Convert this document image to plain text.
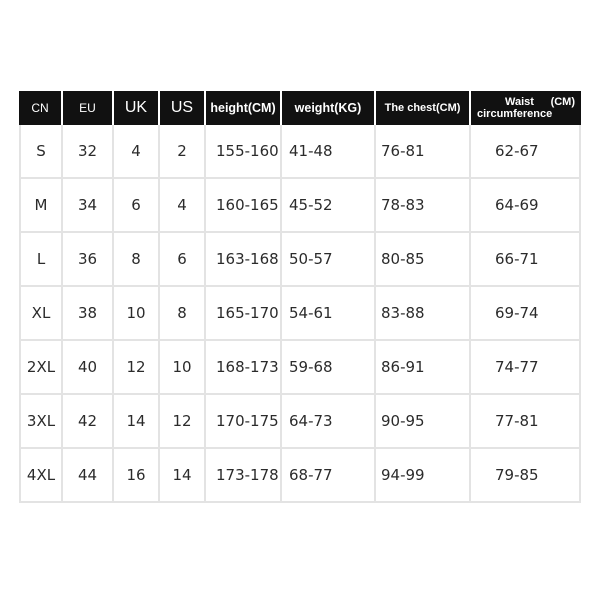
CN	EU	UK	US	height(CM)	weight(KG)	The chest(CM)	Waist (CM)
circumference
S	32	4	2	155-160 41-48	76-81	62-67
M	34	6	4	160-165 45-52	78-83	64-69
L	36	8	6	163-168 50-57	80-85	66-71
XL	38	10	8	165-170 54-61	83-88	69-74
2XL	40	12	10	168-173 59-68	86-91	74-77
3XL	42	14	12	170-175 64-73	90-95	77-81
4XL	44	16	14	173-178 68-77	94-99	79-85
